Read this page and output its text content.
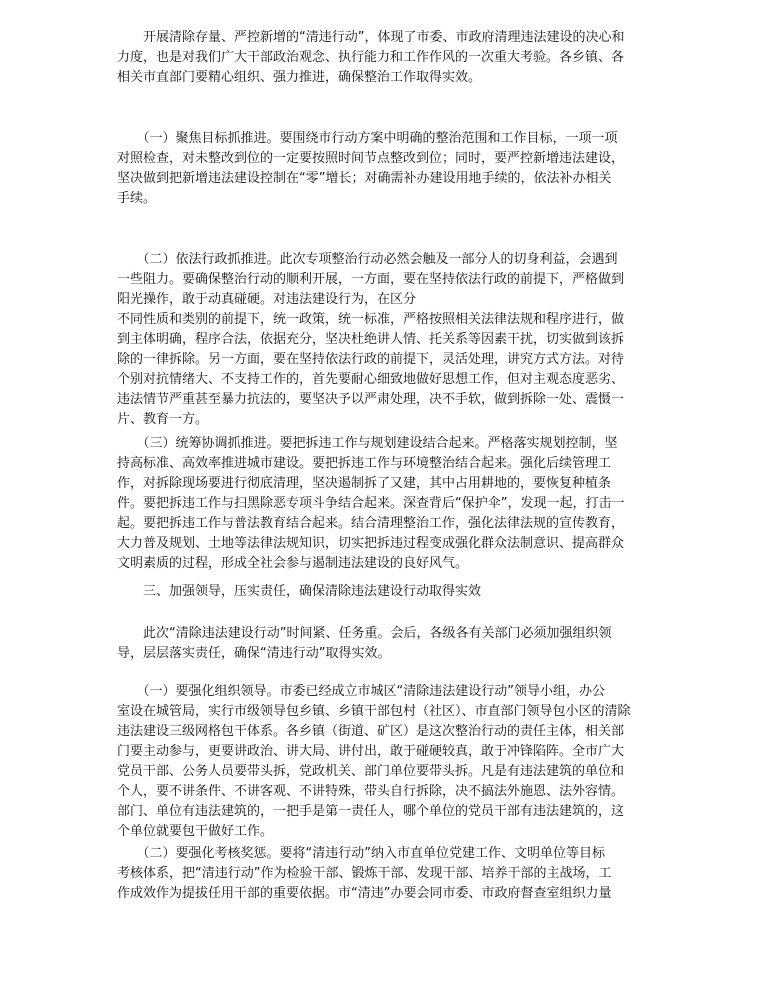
　　开展清除存量、严控新增的“清违行动”，体现了市委、市政府清理违法建设的决心和
力度，也是对我们广大干部政治观念、执行能力和工作作风的一次重大考验。各乡镇、各
相关市直部门要精心组织、强力推进，确保整治工作取得实效。
　　（一）聚焦目标抓推进。要围绕市行动方案中明确的整治范围和工作目标，一项一项
对照检查，对未整改到位的一定要按照时间节点整改到位；同时，要严控新增违法建设，
坚决做到把新增违法建设控制在“零”增长；对确需补办建设用地手续的，依法补办相关
手续。
　　（二）依法行政抓推进。此次专项整治行动必然会触及一部分人的切身利益，会遇到
一些阻力。要确保整治行动的顺利开展，一方面，要在坚持依法行政的前提下，严格做到
阳光操作，敢于动真碰硬。对违法建设行为，在区分
不同性质和类别的前提下，统一政策，统一标准，严格按照相关法律法规和程序进行，做
到主体明确，程序合法，依据充分，坚决杜绝讲人情、托关系等因素干扰，切实做到该拆
除的一律拆除。另一方面，要在坚持依法行政的前提下，灵活处理，讲究方式方法。对待
个别对抗情绪大、不支持工作的，首先要耐心细致地做好思想工作，但对主观态度恶劣、
违法情节严重甚至暴力抗法的，要坚决予以严肃处理，决不手软，做到拆除一处、震慑一
片、教育一方。
　　（三）统筹协调抓推进。要把拆违工作与规划建设结合起来。严格落实规划控制，坚
持高标准、高效率推进城市建设。要把拆违工作与环境整治结合起来。强化后续管理工
作，对拆除现场要进行彻底清理，坚决遏制拆了又建，其中占用耕地的，要恢复种植条
件。要把拆违工作与扫黑除恶专项斗争结合起来。深查背后“保护伞”，发现一起，打击一
起。要把拆违工作与普法教育结合起来。结合清理整治工作，强化法律法规的宣传教育，
大力普及规划、土地等法律法规知识，切实把拆违过程变成强化群众法制意识、提高群众
文明素质的过程，形成全社会参与遏制违法建设的良好风气。
　　三、加强领导，压实责任，确保清除违法建设行动取得实效
　　此次“清除违法建设行动”时间紧、任务重。会后，各级各有关部门必须加强组织领
导，层层落实责任，确保“清违行动”取得实效。
　　（一）要强化组织领导。市委已经成立市城区“清除违法建设行动”领导小组，办公
室设在城管局，实行市级领导包乡镇、乡镇干部包村（社区）、市直部门领导包小区的清除
违法建设三级网格包干体系。各乡镇（街道、矿区）是这次整治行动的责任主体，相关部
门要主动参与，更要讲政治、讲大局、讲付出，敢于碰硬较真，敢于冲锋陷阵。全市广大
党员干部、公务人员要带头拆，党政机关、部门单位要带头拆。凡是有违法建筑的单位和
个人，要不讲条件、不讲客观、不讲特殊，带头自行拆除，决不搞法外施恩、法外容情。
部门、单位有违法建筑的，一把手是第一责任人，哪个单位的党员干部有违法建筑的，这
个单位就要包干做好工作。
　　（二）要强化考核奖惩。要将“清违行动”纳入市直单位党建工作、文明单位等目标
考核体系，把“清违行动”作为检验干部、锻炼干部、发现干部、培养干部的主战场，工
作成效作为提拔任用干部的重要依据。市“清违”办要会同市委、市政府督查室组织力量
